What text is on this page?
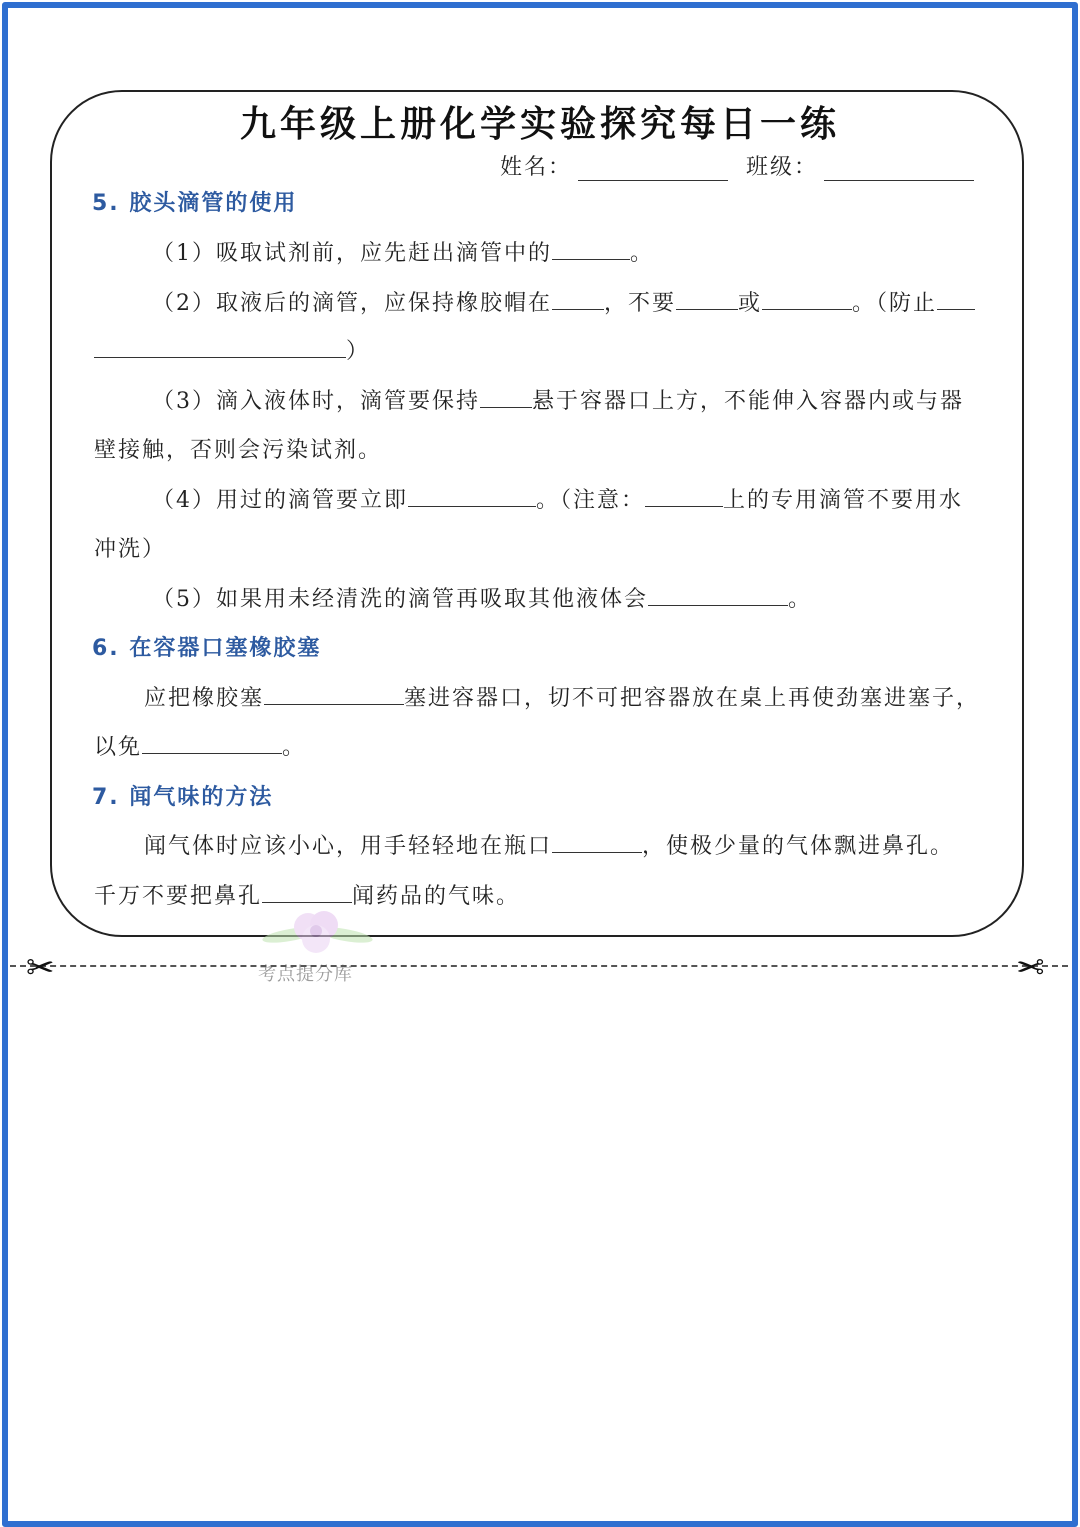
九年级上册化学实验探究每日一练
姓名：	班级：
5. 胶头滴管的使用
（1）吸取试剂前，应先赶出滴管中的	。
（2）取液后的滴管，应保持橡胶帽在 ，不要	或	。（防止
）
（3）滴入液体时，滴管要保持 悬于容器口上方，不能伸入容器内或与器
壁接触，否则会污染试剂。
（4）用过的滴管要立即	。（注意：	上的专用滴管不要用水
冲洗）
（5）如果用未经清洗的滴管再吸取其他液体会	。
6. 在容器口塞橡胶塞
应把橡胶塞	塞进容器口，切不可把容器放在桌上再使劲塞进塞子，
以免	。
7. 闻气味的方法
闻气体时应该小心，用手轻轻地在瓶口	，使极少量的气体飘进鼻孔。
千万不要把鼻孔	闻药品的气味。
考点提分库
✂	✂
